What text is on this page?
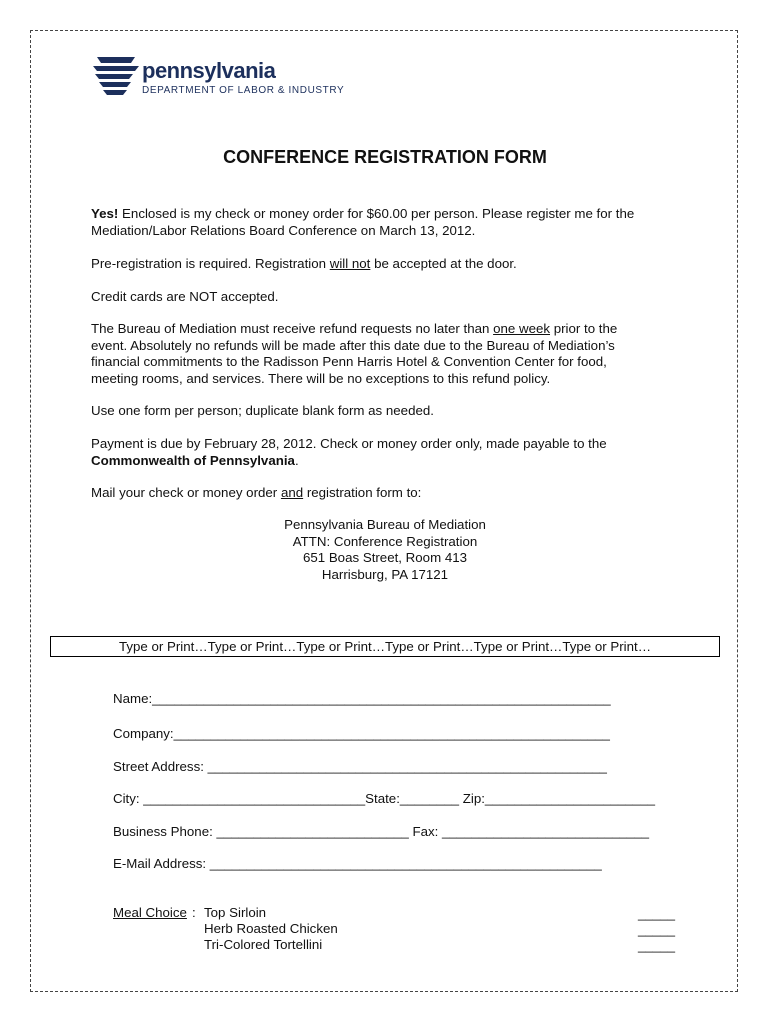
pennsylvania
DEPARTMENT OF LABOR & INDUSTRY
CONFERENCE REGISTRATION FORM
Yes! Enclosed is my check or money order for $60.00 per person. Please register me for the
Mediation/Labor Relations Board Conference on March 13, 2012.
Pre-registration is required. Registration will not be accepted at the door.
Credit cards are NOT accepted.
The Bureau of Mediation must receive refund requests no later than one week prior to the
event. Absolutely no refunds will be made after this date due to the Bureau of Mediation’s
financial commitments to the Radisson Penn Harris Hotel & Convention Center for food,
meeting rooms, and services. There will be no exceptions to this refund policy.
Use one form per person; duplicate blank form as needed.
Payment is due by February 28, 2012. Check or money order only, made payable to the
Commonwealth of Pennsylvania.
Mail your check or money order and registration form to:
Pennsylvania Bureau of Mediation
ATTN: Conference Registration
651 Boas Street, Room 413
Harrisburg, PA 17121
Type or Print…Type or Print…Type or Print…Type or Print…Type or Print…Type or Print…
Name:______________________________________________________________
Company:___________________________________________________________
Street Address: ______________________________________________________
City: ______________________________State:________ Zip:_______________________
Business Phone: __________________________ Fax: ____________________________
E-Mail Address: _____________________________________________________
Meal Choice : Top Sirloin
Herb Roasted Chicken
Tri-Colored Tortellini
_____
_____
_____
